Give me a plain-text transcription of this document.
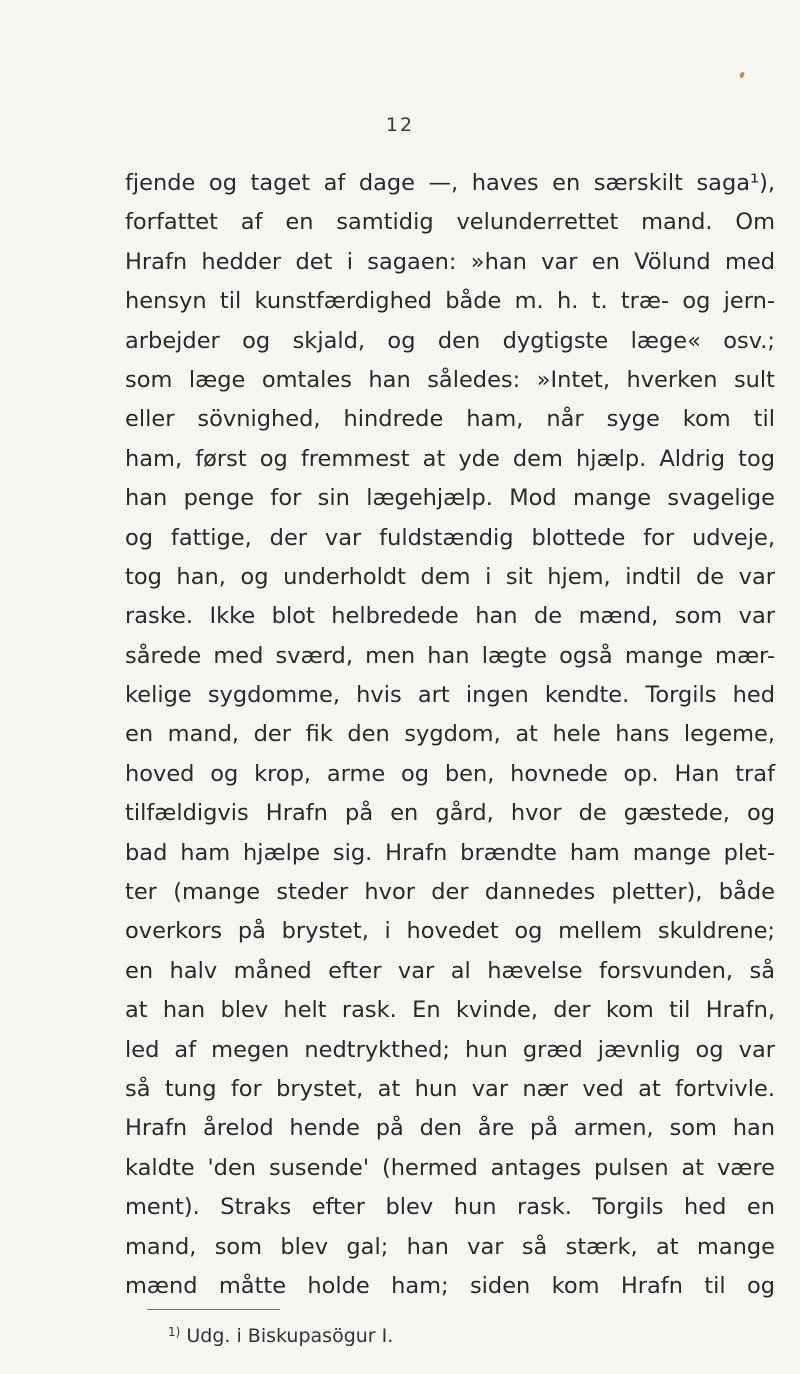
12
fjende og taget af dage —, haves en særskilt saga¹),
forfattet af en samtidig velunderrettet mand. Om
Hrafn hedder det i sagaen: »han var en Völund med
hensyn til kunstfærdighed både m. h. t. træ- og jern-
arbejder og skjald, og den dygtigste læge« osv.;
som læge omtales han således: »Intet, hverken sult
eller sövnighed, hindrede ham, når syge kom til
ham, først og fremmest at yde dem hjælp. Aldrig tog
han penge for sin lægehjælp. Mod mange svagelige
og fattige, der var fuldstændig blottede for udveje,
tog han, og underholdt dem i sit hjem, indtil de var
raske. Ikke blot helbredede han de mænd, som var
sårede med sværd, men han lægte også mange mær-
kelige sygdomme, hvis art ingen kendte. Torgils hed
en mand, der fik den sygdom, at hele hans legeme,
hoved og krop, arme og ben, hovnede op. Han traf
tilfældigvis Hrafn på en gård, hvor de gæstede, og
bad ham hjælpe sig. Hrafn brændte ham mange plet-
ter (mange steder hvor der dannedes pletter), både
overkors på brystet, i hovedet og mellem skuldrene;
en halv måned efter var al hævelse forsvunden, så
at han blev helt rask. En kvinde, der kom til Hrafn,
led af megen nedtrykthed; hun græd jævnlig og var
så tung for brystet, at hun var nær ved at fortvivle.
Hrafn årelod hende på den åre på armen, som han
kaldte 'den susende' (hermed antages pulsen at være
ment). Straks efter blev hun rask. Torgils hed en
mand, som blev gal; han var så stærk, at mange
mænd måtte holde ham; siden kom Hrafn til og
$^{1)}$ Udg. i Biskupasögur I.
